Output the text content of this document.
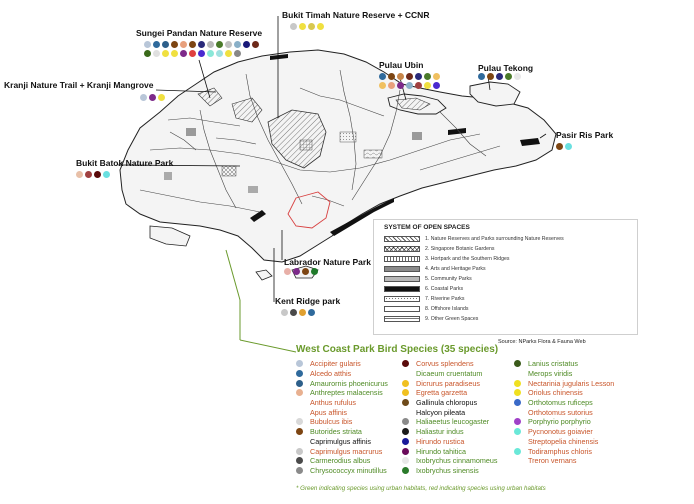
Sungei Pandan Nature Reserve
Bukit Timah Nature Reserve + CCNR
Pulau Ubin	Pulau Tekong
Kranji Nature Trail + Kranji Mangrove
Pasir Ris Park
Bukit Batok Nature Park
Labrador Nature Park
Kent Ridge park
SYSTEM OF OPEN SPACES
1. Nature Reserves and Parks surrounding Nature Reserves
2. Singapore Botanic Gardens
3. Hortpark and the Southern Ridges
4. Arts and Heritage Parks
5. Community Parks
6. Coastal Parks
7. Riverine Parks
8. Offshore Islands
9. Other Green Spaces
Source: NParks Flora & Fauna Web
West Coast Park Bird Species (35 species)
Accipiter gularis
Alcedo atthis
Amaurornis phoenicurus
Anthreptes malacensis
Anthus rufulus
Apus affinis
Bubulcus ibis
Butorides striata
Caprimulgus affinis
Caprimulgus macrurus
Carmerodius albus
Chrysococcyx minutillus
Corvus splendens
Dicaeum cruentatum
Dicrurus paradiseus
Egretta garzetta
Gallinula chloropus
Halcyon pileata
Haliaeetus leucogaster
Haliastur indus
Hirundo rustica
Hirundo tahitica
Ixobrychus cinnamomeus
Ixobrychus sinensis
Lanius cristatus
Merops viridis
Nectarinia jugularis Lesson
Oriolus chinensis
Orthotomus ruficeps
Orthotomus sutorius
Porphyrio porphyrio
Pycnonotus goiavier
Streptopelia chinensis
Todiramphus chloris
Treron vernans
* Green indicating species using urban habitats, red indicating species using urban habitats
